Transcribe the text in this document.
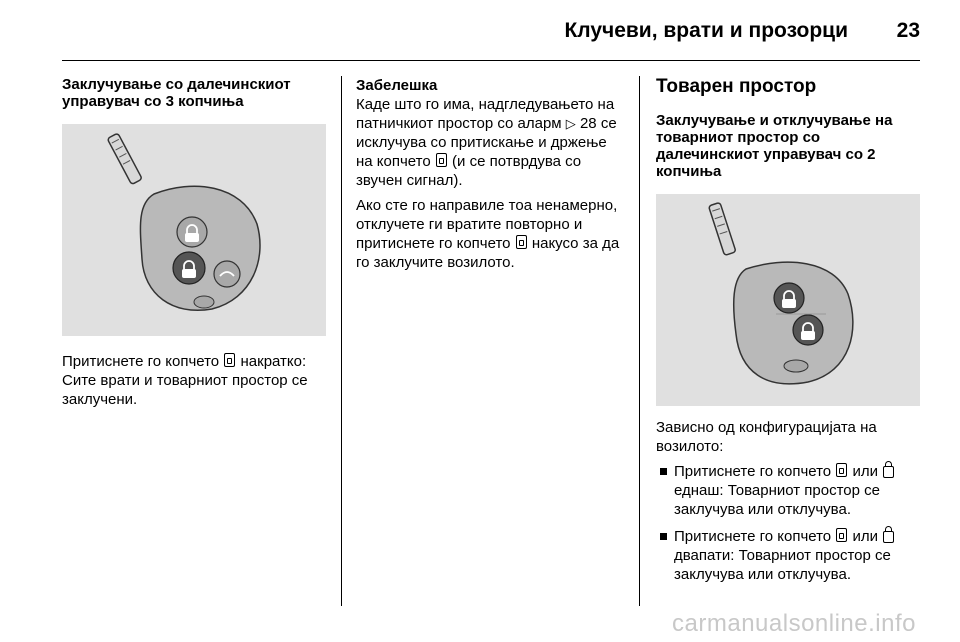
Клучеви, врати и прозорци 23

Заклучување со далечинскиот управувач со 3 копчиња

Притиснете го копчето накратко: Сите врати и товарниот простор се заклучени.

Забелешка

Каде што го има, надгледувањето на патничкиот простор со аларм ▷ 28 се исклучува со притискање и држење на копчето (и се потврдува со звучен сигнал).

Ако сте го направиле тоа ненамерно, отклучете ги вратите повторно и притиснете го копчето накусо за да го заклучите возилото.

Товарен простор

Заклучување и отклучување на товарниот простор со далечинскиот управувач со 2 копчиња

Зависно од конфигурацијата на возилото:

Притиснете го копчето или  еднаш: Товарниот простор се заклучува или отклучува.
Притиснете го копчето или  двапати: Товарниот простор се заклучува или отклучува.
carmanualsonline.info
